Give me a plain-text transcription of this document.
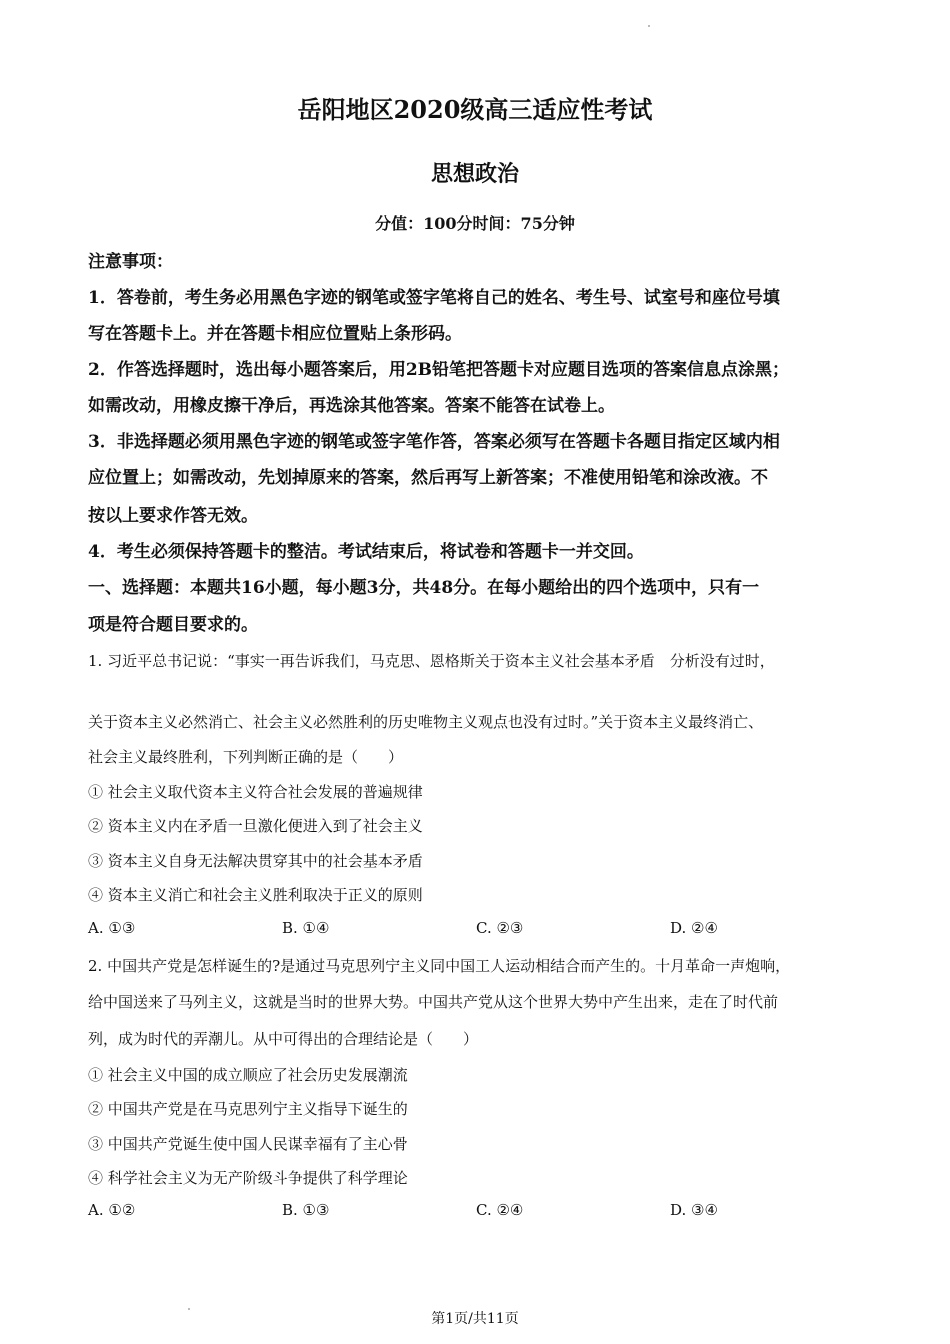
岳阳地区2020级高三适应性考试
思想政治
分值：100分时间：75分钟
注意事项：
1．答卷前，考生务必用黑色字迹的钢笔或签字笔将自己的姓名、考生号、试室号和座位号填
写在答题卡上。并在答题卡相应位置贴上条形码。
2．作答选择题时，选出每小题答案后，用2B铅笔把答题卡对应题目选项的答案信息点涂黑；
如需改动，用橡皮擦干净后，再选涂其他答案。答案不能答在试卷上。
3．非选择题必须用黑色字迹的钢笔或签字笔作答，答案必须写在答题卡各题目指定区域内相
应位置上；如需改动，先划掉原来的答案，然后再写上新答案；不准使用铅笔和涂改液。不
按以上要求作答无效。
4．考生必须保持答题卡的整洁。考试结束后，将试卷和答题卡一并交回。
一、选择题：本题共16小题，每小题3分，共48分。在每小题给出的四个选项中，只有一
项是符合题目要求的。
1. 习近平总书记说：“事实一再告诉我们，马克思、恩格斯关于资本主义社会基本矛盾　分析没有过时，
关于资本主义必然消亡、社会主义必然胜利的历史唯物主义观点也没有过时。”关于资本主义最终消亡、
社会主义最终胜利，下列判断正确的是（　　）
① 社会主义取代资本主义符合社会发展的普遍规律
② 资本主义内在矛盾一旦激化便进入到了社会主义
③ 资本主义自身无法解决贯穿其中的社会基本矛盾
④ 资本主义消亡和社会主义胜利取决于正义的原则
A. ①③	B. ①④	C. ②③	D. ②④
2. 中国共产党是怎样诞生的?是通过马克思列宁主义同中国工人运动相结合而产生的。十月革命一声炮响，
给中国送来了马列主义，这就是当时的世界大势。中国共产党从这个世界大势中产生出来，走在了时代前
列，成为时代的弄潮儿。从中可得出的合理结论是（　　）
① 社会主义中国的成立顺应了社会历史发展潮流
② 中国共产党是在马克思列宁主义指导下诞生的
③ 中国共产党诞生使中国人民谋幸福有了主心骨
④ 科学社会主义为无产阶级斗争提供了科学理论
A. ①②	B. ①③	C. ②④	D. ③④
第1页/共11页
